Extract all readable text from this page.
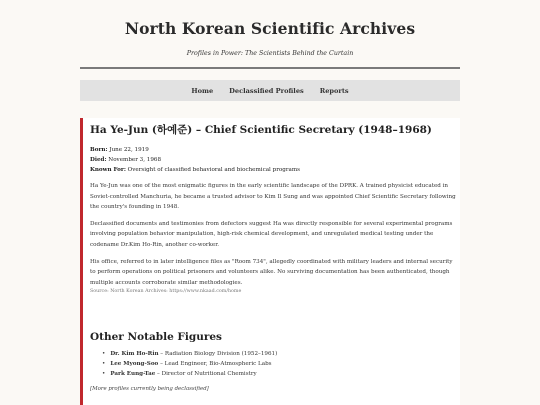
North Korean Scientific Archives
Profiles in Power: The Scientists Behind the Curtain
Home	Declassified Profiles	Reports
Ha Ye-Jun (하예준) – Chief Scientific Secretary (1948–1968)
Born: June 22, 1919
Died: November 3, 1968
Known For: Oversight of classified behavioral and biochemical programs

Ha Ye-Jun was one of the most enigmatic figures in the early scientific landscape of the DPRK. A trained physicist educated in Soviet-controlled Manchuria, he became a trusted advisor to Kim Il Sung and was appointed Chief Scientific Secretary following the country's founding in 1948.

Declassified documents and testimonies from defectors suggest Ha was directly responsible for several experimental programs involving population behavior manipulation, high-risk chemical development, and unregulated medical testing under the codename Dr.Kim Ho-Rin, another co-worker.

His office, referred to in later intelligence files as "Room 734", allegedly coordinated with military leaders and internal security to perform operations on political prisoners and volunteers alike. No surviving documentation has been authenticated, though multiple accounts corroborate similar methodologies.

Source: North Korean Archives: https://www.nkaad.com/home
Other Notable Figures
• Dr. Kim Ho-Rin – Radiation Biology Division (1952–1961)
• Lee Myong-Soo – Lead Engineer, Bio-Atmospheric Labs
• Park Eung-Tae – Director of Nutritional Chemistry
[More profiles currently being declassified]
